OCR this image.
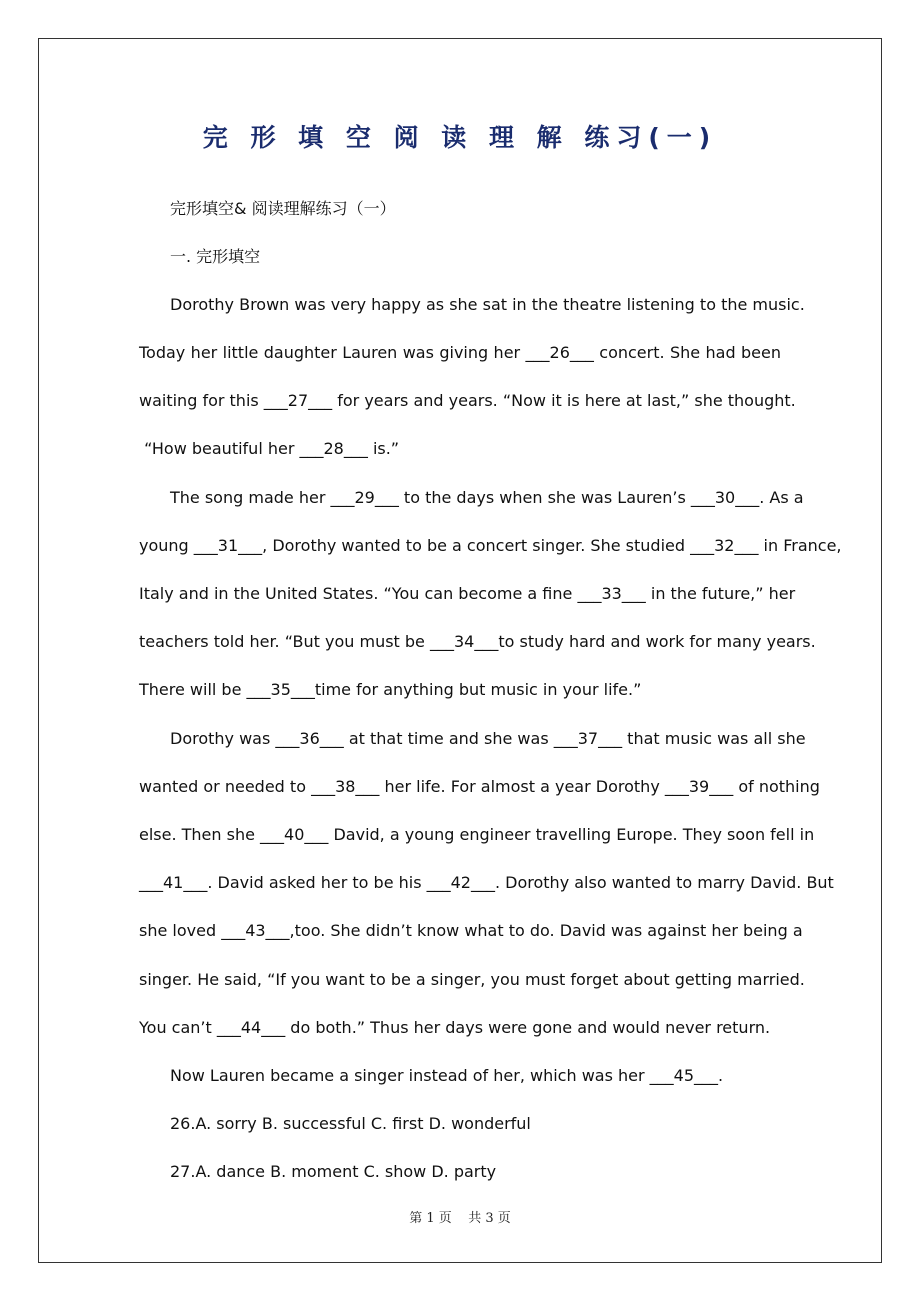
完 形 填 空 阅 读 理 解 练习(一)
完形填空& 阅读理解练习（一）
一. 完形填空
Dorothy Brown was very happy as she sat in the theatre listening to the music.
Today her little daughter Lauren was giving her ___26___ concert. She had been
waiting for this ___27___ for years and years. “Now it is here at last,” she thought.
“How beautiful her ___28___ is.”
The song made her ___29___ to the days when she was Lauren’s ___30___. As a
young ___31___, Dorothy wanted to be a concert singer. She studied ___32___ in France,
Italy and in the United States. “You can become a fine ___33___ in the future,” her
teachers told her. “But you must be ___34___to study hard and work for many years.
There will be ___35___time for anything but music in your life.”
Dorothy was ___36___ at that time and she was ___37___ that music was all she
wanted or needed to ___38___ her life. For almost a year Dorothy ___39___ of nothing
else. Then she ___40___ David, a young engineer travelling Europe. They soon fell in
___41___. David asked her to be his ___42___. Dorothy also wanted to marry David. But
she loved ___43___,too. She didn’t know what to do. David was against her being a
singer. He said, “If you want to be a singer, you must forget about getting married.
You can’t ___44___ do both.” Thus her days were gone and would never return.
Now Lauren became a singer instead of her, which was her ___45___.
26.A. sorry B. successful C. first D. wonderful
27.A. dance B. moment C. show D. party
第 1 页    共 3 页
